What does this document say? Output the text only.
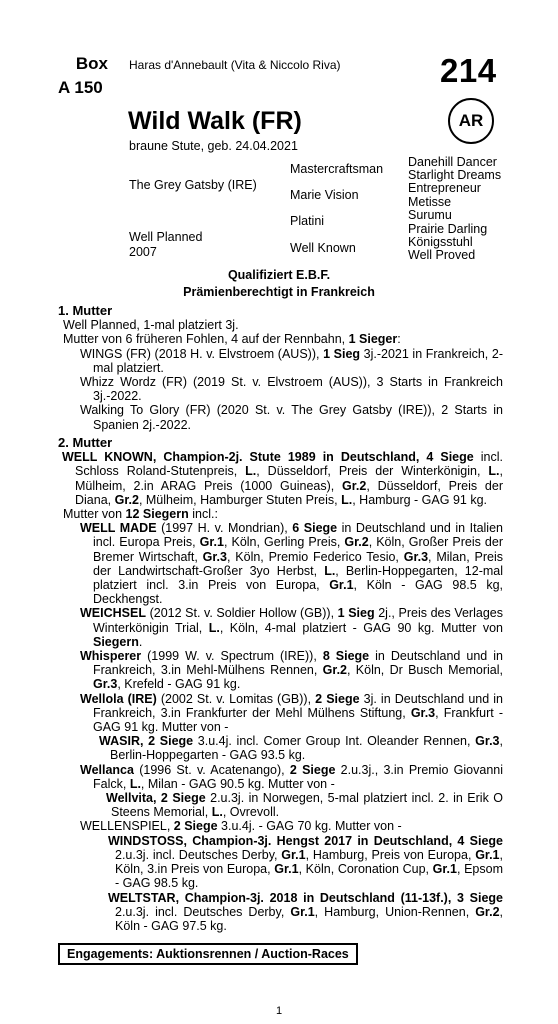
Box
A 150
Haras d'Annebault (Vita & Niccolo Riva)	214
AR
Wild Walk (FR)
braune Stute, geb. 24.04.2021
The Grey Gatsby (IRE)
Well Planned
2007
Mastercraftsman
Marie Vision
Platini
Well Known
Danehill Dancer
Starlight Dreams
Entrepreneur
Metisse
Surumu
Prairie Darling
Königsstuhl
Well Proved
Qualifiziert E.B.F.
Prämienberechtigt in Frankreich

1. Mutter

Well Planned, 1-mal platziert 3j.

Mutter von 6 früheren Fohlen, 4 auf der Rennbahn, 1 Sieger:

WINGS (FR) (2018 H. v. Elvstroem (AUS)), 1 Sieg 3j.-2021 in Frankreich, 2-mal platziert.

Whizz Wordz (FR) (2019 St. v. Elvstroem (AUS)), 3 Starts in Frankreich 3j.-2022.

Walking To Glory (FR) (2020 St. v. The Grey Gatsby (IRE)), 2 Starts in Spanien 2j.-2022.

2. Mutter

WELL KNOWN, Champion-2j. Stute 1989 in Deutschland, 4 Siege incl. Schloss Roland-Stutenpreis, L., Düsseldorf, Preis der Winterkönigin, L., Mülheim, 2.in ARAG Preis (1000 Guineas), Gr.2, Düsseldorf, Preis der Diana, Gr.2, Mülheim, Hamburger Stuten Preis, L., Hamburg - GAG 91 kg.

Mutter von 12 Siegern incl.:

WELL MADE (1997 H. v. Mondrian), 6 Siege in Deutschland und in Italien incl. Europa Preis, Gr.1, Köln, Gerling Preis, Gr.2, Köln, Großer Preis der Bremer Wirtschaft, Gr.3, Köln, Premio Federico Tesio, Gr.3, Milan, Preis der Landwirtschaft-Großer 3yo Herbst, L., Berlin-Hoppegarten, 12-mal platziert incl. 3.in Preis von Europa, Gr.1, Köln - GAG 98.5 kg, Deckhengst.

WEICHSEL (2012 St. v. Soldier Hollow (GB)), 1 Sieg 2j., Preis des Verlages Winterkönigin Trial, L., Köln, 4-mal platziert - GAG 90 kg. Mutter von Siegern.

Whisperer (1999 W. v. Spectrum (IRE)), 8 Siege in Deutschland und in Frankreich, 3.in Mehl-Mülhens Rennen, Gr.2, Köln, Dr Busch Memorial, Gr.3, Krefeld - GAG 91 kg.

Wellola (IRE) (2002 St. v. Lomitas (GB)), 2 Siege 3j. in Deutschland und in Frankreich, 3.in Frankfurter der Mehl Mülhens Stiftung, Gr.3, Frankfurt - GAG 91 kg. Mutter von -

WASIR, 2 Siege 3.u.4j. incl. Comer Group Int. Oleander Rennen, Gr.3, Berlin-Hoppegarten - GAG 93.5 kg.

Wellanca (1996 St. v. Acatenango), 2 Siege 2.u.3j., 3.in Premio Giovanni Falck, L., Milan - GAG 90.5 kg. Mutter von -

Wellvita, 2 Siege 2.u.3j. in Norwegen, 5-mal platziert incl. 2. in Erik O Steens Memorial, L., Ovrevoll.

WELLENSPIEL, 2 Siege 3.u.4j. - GAG 70 kg. Mutter von -

WINDSTOSS, Champion-3j. Hengst 2017 in Deutschland, 4 Siege 2.u.3j. incl. Deutsches Derby, Gr.1, Hamburg, Preis von Europa, Gr.1, Köln, 3.in Preis von Europa, Gr.1, Köln, Coronation Cup, Gr.1, Epsom - GAG 98.5 kg.

WELTSTAR, Champion-3j. 2018 in Deutschland (11-13f.), 3 Siege 2.u.3j. incl. Deutsches Derby, Gr.1, Hamburg, Union-Rennen, Gr.2, Köln - GAG 97.5 kg.

Engagements: Auktionsrennen / Auction-Races
1
